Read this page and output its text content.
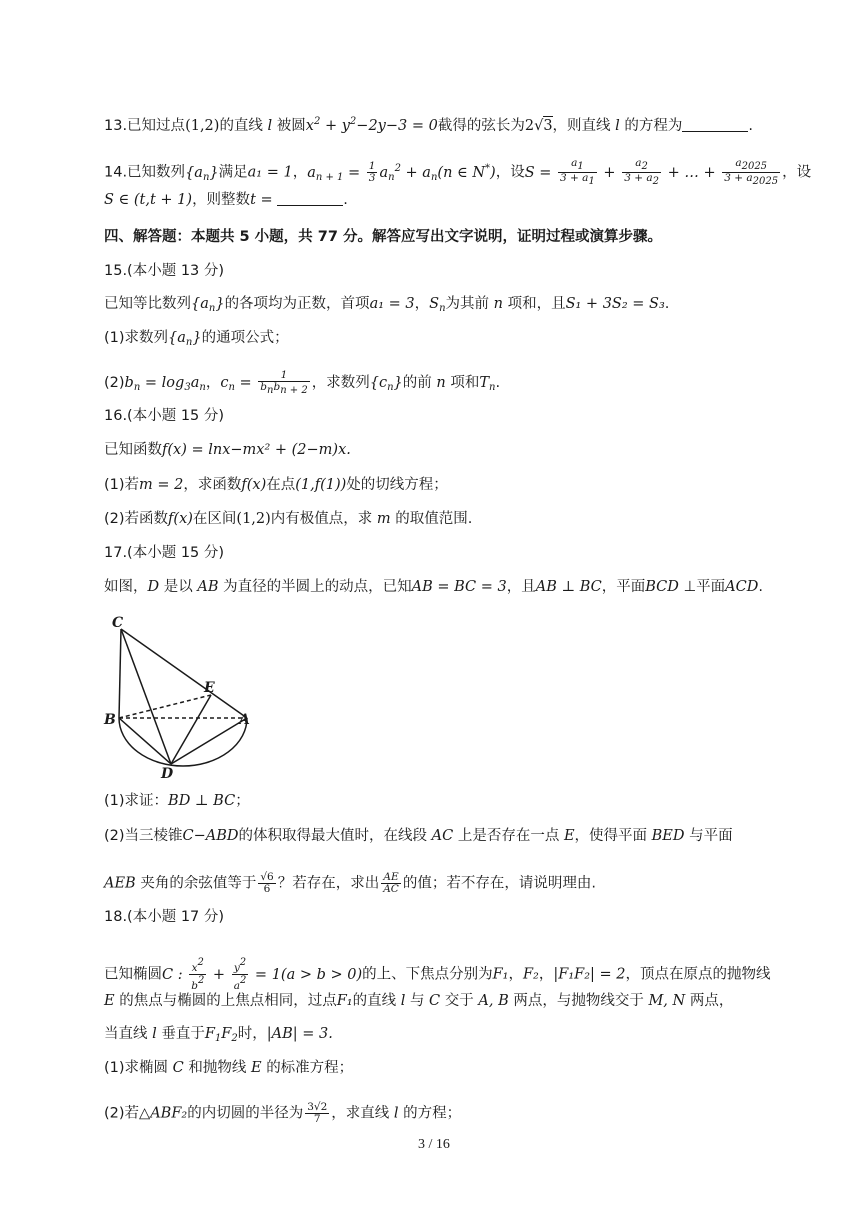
13.已知过点(1,2)的直线 l 被圆$x^2 + y^2-2y-3 = 0$截得的弦长为2√3，则直线 l 的方程为	.
14.已知数列$\{a_n\}$满足a₁ = 1，$a_{n + 1} = \frac{1}{3} a_n^2 + a_n(n$ ∈ N*)，设$S = \frac{a1}{3 + a1} + \frac{a2}{3 + a2}$ + … + $\frac{a2025}{3 + a2025}$ ，设
S ∈ (t,t + 1)，则整数t =	.
四、解答题：本题共 5 小题，共 77 分。解答应写出文字说明，证明过程或演算步骤。
15.(本小题 13 分)
已知等比数列$\{a_n\}$的各项均为正数，首项a₁ = 3，$S_n$为其前 n 项和，且S₁ + 3S₂ = S₃.
(1)求数列$\{a_n\}$的通项公式；
$(2)b_n = \log_3a_n$，$c_n = \frac{1}{\text{bnbn + 2}}$ ，求数列$\{c_n\}$的前 n 项和$T_n$.
16.(本小题 15 分)
已知函数f(x) = lnx−mx² + (2−m)x.
(1)若m = 2，求函数f(x)在点(1,f(1))处的切线方程；
(2)若函数f(x)在区间(1,2)内有极值点，求 m 的取值范围.
17.(本小题 15 分)
如图，D 是以 AB 为直径的半圆上的动点，已知AB = BC = 3，且AB ⊥ BC，平面BCD ⊥平面ACD.
C
E
B	A
D
(1)求证：BD ⊥ BC；
(2)当三棱锥C−ABD的体积取得最大值时，在线段 AC 上是否存在一点 E，使得平面 BED 与平面
AEB 夹角的余弦值等于 $\frac{√6}{6}$ ？若存在，求出 $\frac{AE}{AC}$ 的值；若不存在，请说明理由.
18.(本小题 17 分)
已知椭圆C : $\frac{x2}{b2} + \frac{y2}{a2} = 1(a > b > 0)$的上、下焦点分别为F₁，F₂，|F₁F₂| = 2，顶点在原点的抛物线
E 的焦点与椭圆的上焦点相同，过点F₁的直线 l 与 C 交于 A, B 两点，与抛物线交于 M, N 两点，
当直线 l 垂直于$F_1F_2$时，|AB| = 3.
(1)求椭圆 C 和抛物线 E 的标准方程；
(2)若△ABF₂的内切圆的半径为 $\frac{3√2}{7}$ ，求直线 l 的方程；
3 / 16
